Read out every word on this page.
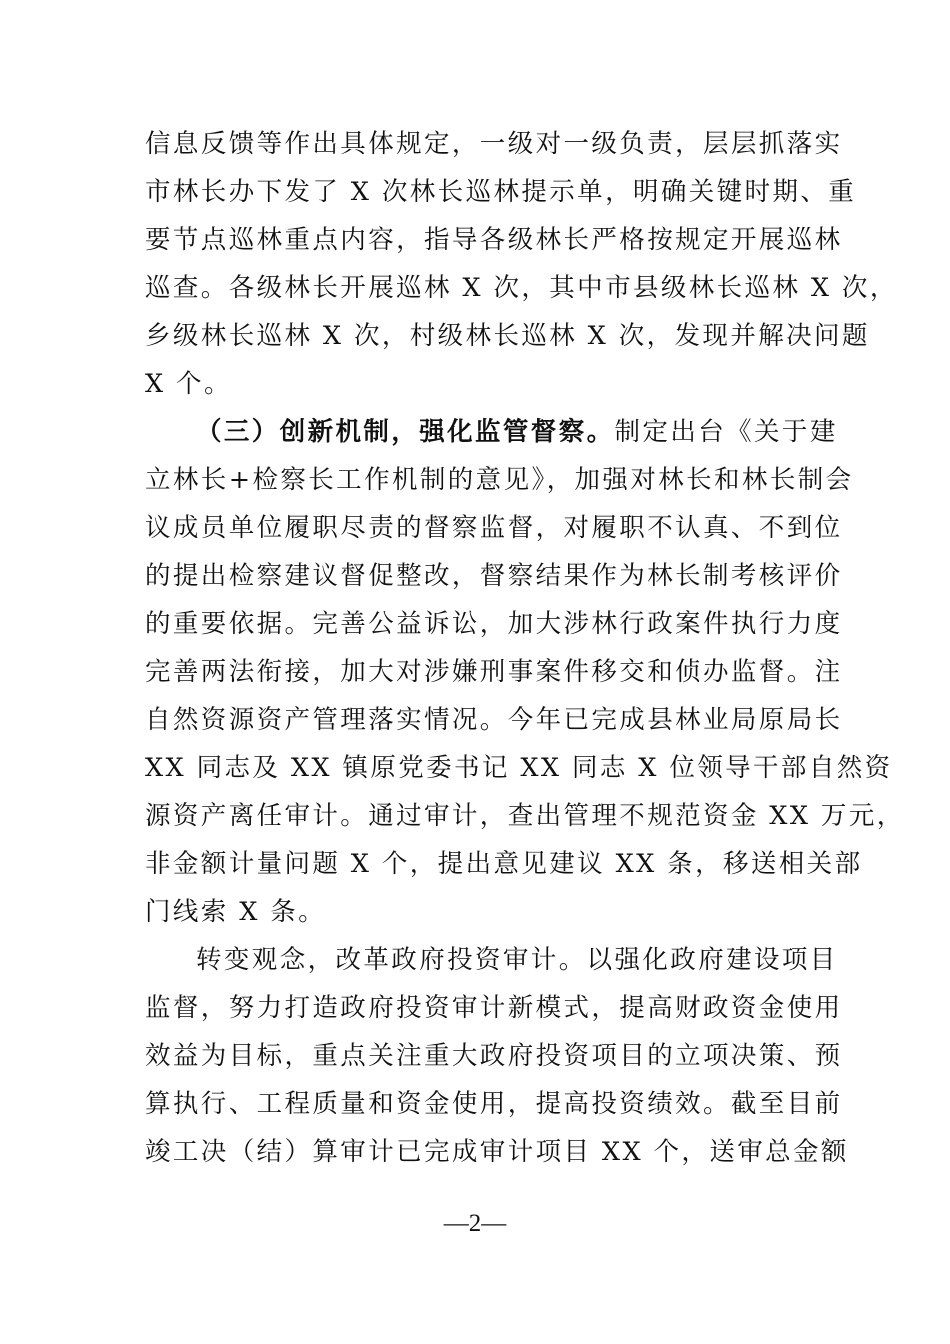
信息反馈等作出具体规定，一级对一级负责，层层抓落实
市林长办下发了 X 次林长巡林提示单，明确关键时期、重
要节点巡林重点内容，指导各级林长严格按规定开展巡林
巡查。各级林长开展巡林 X 次，其中市县级林长巡林 X 次，
乡级林长巡林 X 次，村级林长巡林 X 次，发现并解决问题
X 个。
（三）创新机制，强化监管督察。制定出台《关于建
立林长+检察长工作机制的意见》，加强对林长和林长制会
议成员单位履职尽责的督察监督，对履职不认真、不到位
的提出检察建议督促整改，督察结果作为林长制考核评价
的重要依据。完善公益诉讼，加大涉林行政案件执行力度
完善两法衔接，加大对涉嫌刑事案件移交和侦办监督。注
自然资源资产管理落实情况。今年已完成县林业局原局长
XX 同志及 XX 镇原党委书记 XX 同志 X 位领导干部自然资
源资产离任审计。通过审计，查出管理不规范资金 XX 万元，
非金额计量问题 X 个，提出意见建议 XX 条，移送相关部
门线索 X 条。
转变观念，改革政府投资审计。以强化政府建设项目
监督，努力打造政府投资审计新模式，提高财政资金使用
效益为目标，重点关注重大政府投资项目的立项决策、预
算执行、工程质量和资金使用，提高投资绩效。截至目前
竣工决（结）算审计已完成审计项目 XX 个，送审总金额
—2—
